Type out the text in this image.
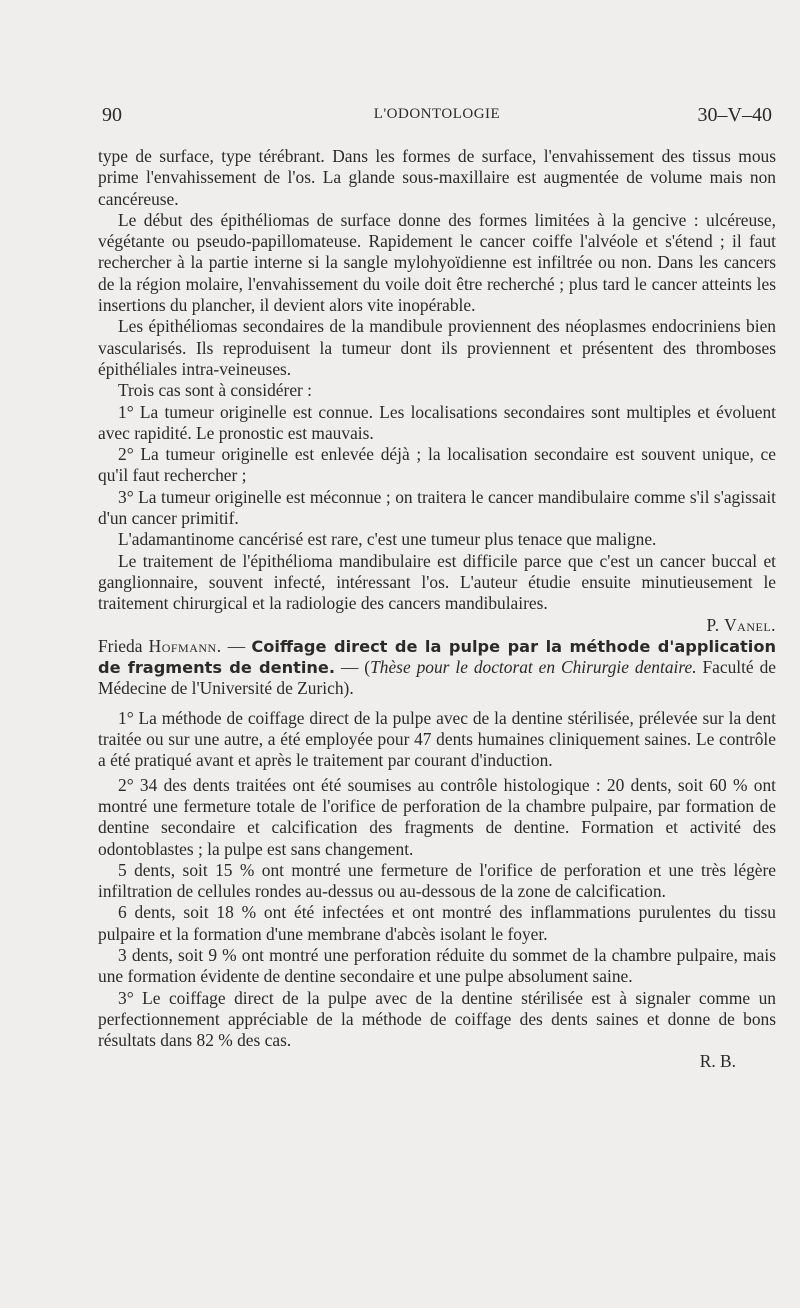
90	L'ODONTOLOGIE	30–V–40

type de surface, type térébrant. Dans les formes de surface, l'envahissement des tissus mous prime l'envahissement de l'os. La glande sous-maxillaire est augmentée de volume mais non cancéreuse.

Le début des épithéliomas de surface donne des formes limitées à la gencive : ulcéreuse, végétante ou pseudo-papillomateuse. Rapidement le cancer coiffe l'alvéole et s'étend ; il faut rechercher à la partie interne si la sangle mylohyoïdienne est infiltrée ou non. Dans les cancers de la région molaire, l'envahissement du voile doit être recherché ; plus tard le cancer atteints les insertions du plancher, il devient alors vite inopérable.

Les épithéliomas secondaires de la mandibule proviennent des néoplasmes endocriniens bien vascularisés. Ils reproduisent la tumeur dont ils proviennent et présentent des thromboses épithéliales intra-veineuses.

Trois cas sont à considérer :

1° La tumeur originelle est connue. Les localisations secondaires sont multiples et évoluent avec rapidité. Le pronostic est mauvais.

2° La tumeur originelle est enlevée déjà ; la localisation secondaire est souvent unique, ce qu'il faut rechercher ;

3° La tumeur originelle est méconnue ; on traitera le cancer mandibulaire comme s'il s'agissait d'un cancer primitif.

L'adamantinome cancérisé est rare, c'est une tumeur plus tenace que maligne.

Le traitement de l'épithélioma mandibulaire est difficile parce que c'est un cancer buccal et ganglionnaire, souvent infecté, intéressant l'os. L'auteur étudie ensuite minutieusement le traitement chirurgical et la radiologie des cancers mandibulaires.

P. Vanel.

Frieda Hofmann. — Coiffage direct de la pulpe par la méthode d'application de fragments de dentine. — (Thèse pour le doctorat en Chirurgie dentaire. Faculté de Médecine de l'Université de Zurich).

1° La méthode de coiffage direct de la pulpe avec de la dentine stérilisée, prélevée sur la dent traitée ou sur une autre, a été employée pour 47 dents humaines cliniquement saines. Le contrôle a été pratiqué avant et après le traitement par courant d'induction.

2° 34 des dents traitées ont été soumises au contrôle histologique : 20 dents, soit 60 % ont montré une fermeture totale de l'orifice de perforation de la chambre pulpaire, par formation de dentine secondaire et calcification des fragments de dentine. Formation et activité des odontoblastes ; la pulpe est sans changement.

5 dents, soit 15 % ont montré une fermeture de l'orifice de perforation et une très légère infiltration de cellules rondes au-dessus ou au-dessous de la zone de calcification.

6 dents, soit 18 % ont été infectées et ont montré des inflammations purulentes du tissu pulpaire et la formation d'une membrane d'abcès isolant le foyer.

3 dents, soit 9 % ont montré une perforation réduite du sommet de la chambre pulpaire, mais une formation évidente de dentine secondaire et une pulpe absolument saine.

3° Le coiffage direct de la pulpe avec de la dentine stérilisée est à signaler comme un perfectionnement appréciable de la méthode de coiffage des dents saines et donne de bons résultats dans 82 % des cas.

R. B.
